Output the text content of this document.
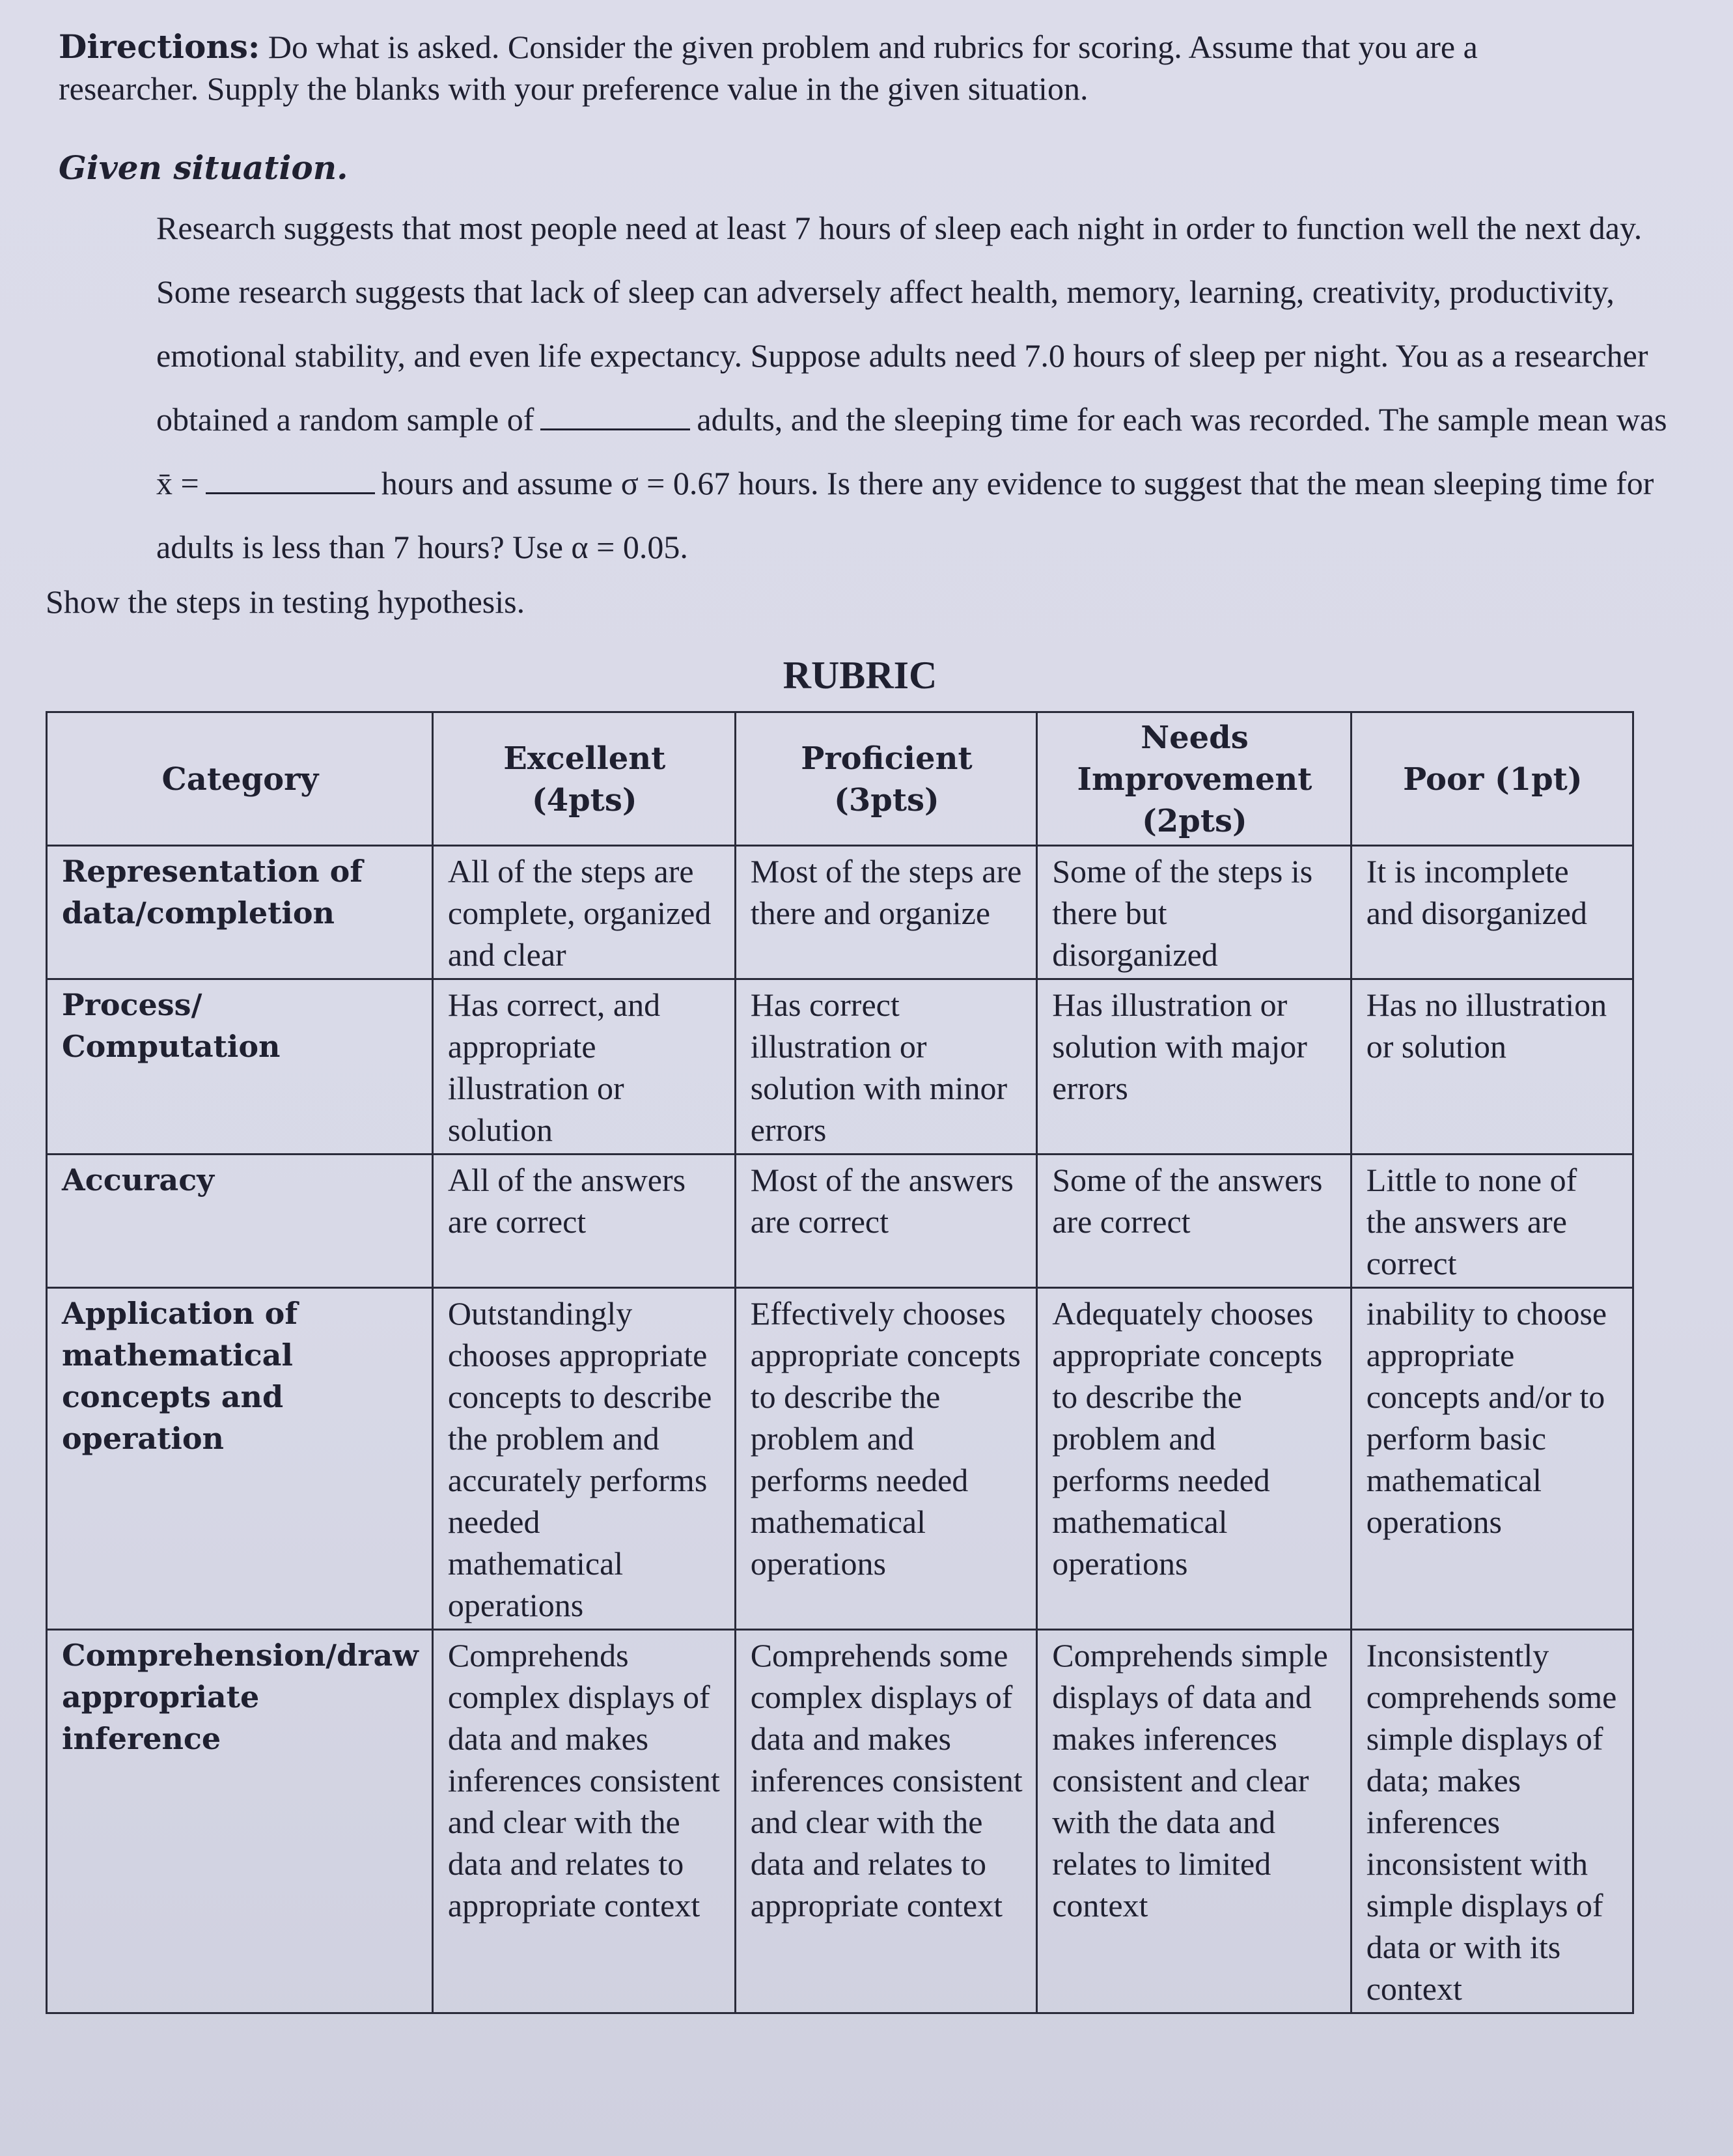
Directions: Do what is asked. Consider the given problem and rubrics for scoring. Assume that you are a researcher. Supply the blanks with your preference value in the given situation.
Given situation.

Research suggests that most people need at least 7 hours of sleep each night in order to function well the next day. Some research suggests that lack of sleep can adversely affect health, memory, learning, creativity, productivity, emotional stability, and even life expectancy. Suppose adults need 7.0 hours of sleep per night. You as a researcher obtained a random sample of	adults, and the sleeping time for each was recorded. The sample mean was x̄ =	hours and assume σ = 0.67 hours. Is there any evidence to suggest that the mean sleeping time for adults is less than 7 hours? Use α = 0.05.

Show the steps in testing hypothesis.
RUBRIC
Category	Excellent (4pts)	Proficient (3pts)	Needs Improvement (2pts)	Poor (1pt)
Representation of data/completion	All of the steps are complete, organized and clear	Most of the steps are there and organize	Some of the steps is there but disorganized	It is incomplete and disorganized
Process/ Computation	Has correct, and appropriate illustration or solution	Has correct illustration or solution with minor errors	Has illustration or solution with major errors	Has no illustration or solution
Accuracy	All of the answers are correct	Most of the answers are correct	Some of the answers are correct	Little to none of the answers are correct
Application of mathematical concepts and operation	Outstandingly chooses appropriate concepts to describe the problem and accurately performs needed mathematical operations	Effectively chooses appropriate concepts to describe the problem and performs needed mathematical operations	Adequately chooses appropriate concepts to describe the problem and performs needed mathematical operations	inability to choose appropriate concepts and/or to perform basic mathematical operations
Comprehension/draw appropriate inference	Comprehends complex displays of data and makes inferences consistent and clear with the data and relates to appropriate context	Comprehends some complex displays of data and makes inferences consistent and clear with the data and relates to appropriate context	Comprehends simple displays of data and makes inferences consistent and clear with the data and relates to limited context	Inconsistently comprehends some simple displays of data; makes inferences inconsistent with simple displays of data or with its context
